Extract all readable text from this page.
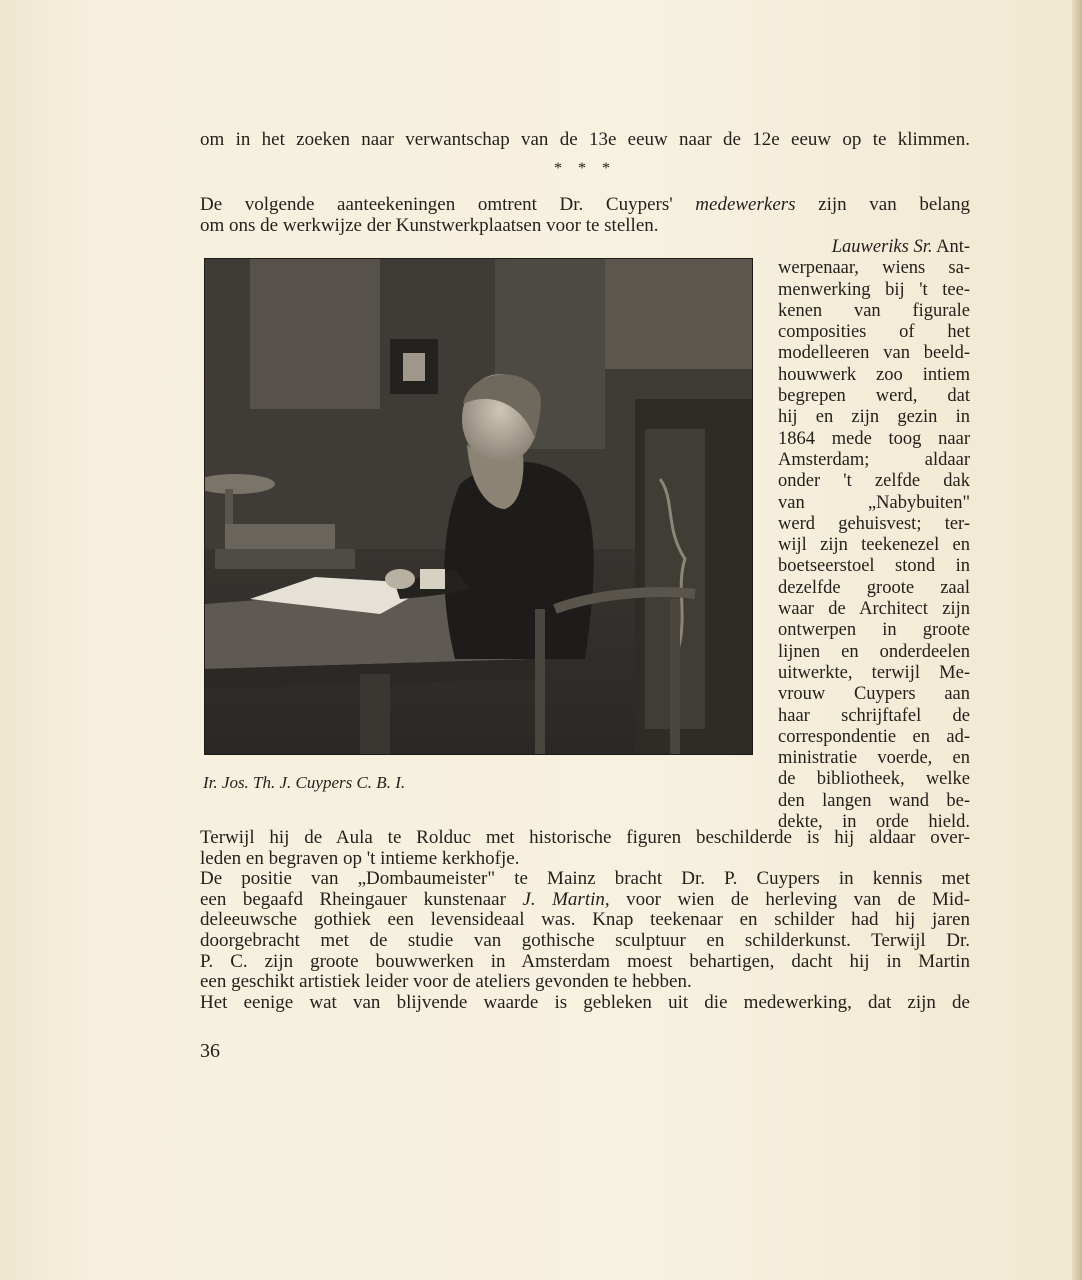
om in het zoeken naar verwantschap van de 13e eeuw naar de 12e eeuw op te klimmen.
* * *
De volgende aanteekeningen omtrent Dr. Cuypers' medewerkers zijn van belang
om ons de werkwijze der Kunstwerkplaatsen voor te stellen.
Ir. Jos. Th. J. Cuypers C. B. I.
Lauweriks Sr. Ant-
werpenaar, wiens sa-
menwerking bij 't tee-
kenen van figurale
composities of het
modelleeren van beeld-
houwwerk zoo intiem
begrepen werd, dat
hij en zijn gezin in
1864 mede toog naar
Amsterdam; aldaar
onder 't zelfde dak
van „Nabybuiten"
werd gehuisvest; ter-
wijl zijn teekenezel en
boetseerstoel stond in
dezelfde groote zaal
waar de Architect zijn
ontwerpen in groote
lijnen en onderdeelen
uitwerkte, terwijl Me-
vrouw Cuypers aan
haar schrijftafel de
correspondentie en ad-
ministratie voerde, en
de bibliotheek, welke
den langen wand be-
dekte, in orde hield.
Terwijl hij de Aula te Rolduc met historische figuren beschilderde is hij aldaar over-
leden en begraven op 't intieme kerkhofje.
De positie van „Dombaumeister" te Mainz bracht Dr. P. Cuypers in kennis met
een begaafd Rheingauer kunstenaar J. Martin, voor wien de herleving van de Mid-
deleeuwsche gothiek een levensideaal was. Knap teekenaar en schilder had hij jaren
doorgebracht met de studie van gothische sculptuur en schilderkunst. Terwijl Dr.
P. C. zijn groote bouwwerken in Amsterdam moest behartigen, dacht hij in Martin
een geschikt artistiek leider voor de ateliers gevonden te hebben.
Het eenige wat van blijvende waarde is gebleken uit die medewerking, dat zijn de
36
